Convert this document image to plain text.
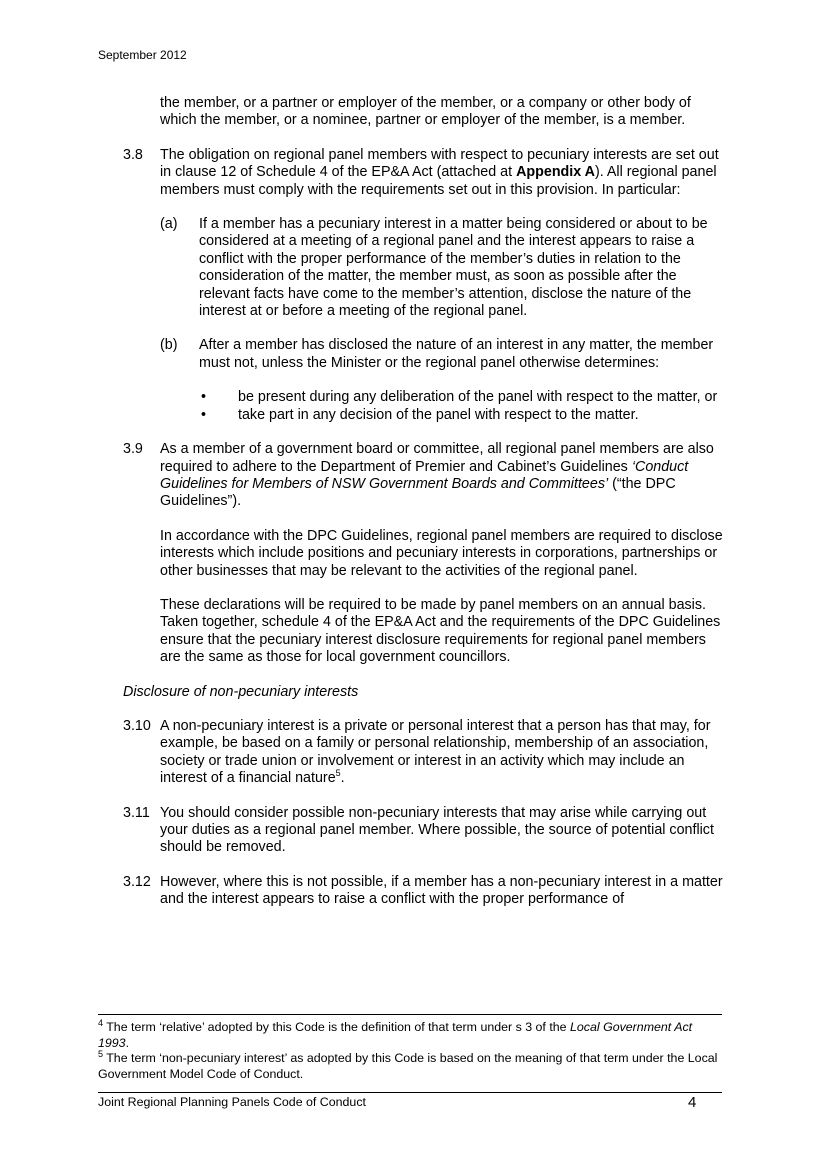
September 2012

the member, or a partner or employer of the member, or a company or other body of which the member, or a nominee, partner or employer of the member, is a member.

3.8	The obligation on regional panel members with respect to pecuniary interests are set out in clause 12 of Schedule 4 of the EP&A Act (attached at Appendix A). All regional panel members must comply with the requirements set out in this provision. In particular:
(a)	If a member has a pecuniary interest in a matter being considered or about to be considered at a meeting of a regional panel and the interest appears to raise a conflict with the proper performance of the member’s duties in relation to the consideration of the matter, the member must, as soon as possible after the relevant facts have come to the member’s attention, disclose the nature of the interest at or before a meeting of the regional panel.
(b)	After a member has disclosed the nature of an interest in any matter, the member must not, unless the Minister or the regional panel otherwise determines:
•	be present during any deliberation of the panel with respect to the matter, or
•	take part in any decision of the panel with respect to the matter.
3.9	As a member of a government board or committee, all regional panel members are also required to adhere to the Department of Premier and Cabinet’s Guidelines ‘Conduct Guidelines for Members of NSW Government Boards and Committees’ (“the DPC Guidelines”).

In accordance with the DPC Guidelines, regional panel members are required to disclose interests which include positions and pecuniary interests in corporations, partnerships or other businesses that may be relevant to the activities of the regional panel.

These declarations will be required to be made by panel members on an annual basis. Taken together, schedule 4 of the EP&A Act and the requirements of the DPC Guidelines ensure that the pecuniary interest disclosure requirements for regional panel members are the same as those for local government councillors.

Disclosure of non-pecuniary interests

3.10 A non-pecuniary interest is a private or personal interest that a person has that may, for example, be based on a family or personal relationship, membership of an association, society or trade union or involvement or interest in an activity which may include an interest of a financial nature$^5$.
3.11 You should consider possible non-pecuniary interests that may arise while carrying out your duties as a regional panel member. Where possible, the source of potential conflict should be removed.
3.12 However, where this is not possible, if a member has a non-pecuniary interest in a matter and the interest appears to raise a conflict with the proper performance of

$^4$ The term ‘relative’ adopted by this Code is the definition of that term under s 3 of the Local Government Act 1993.

$^5$ The term ‘non-pecuniary interest’ as adopted by this Code is based on the meaning of that term under the Local Government Model Code of Conduct.

Joint Regional Planning Panels Code of Conduct	4
